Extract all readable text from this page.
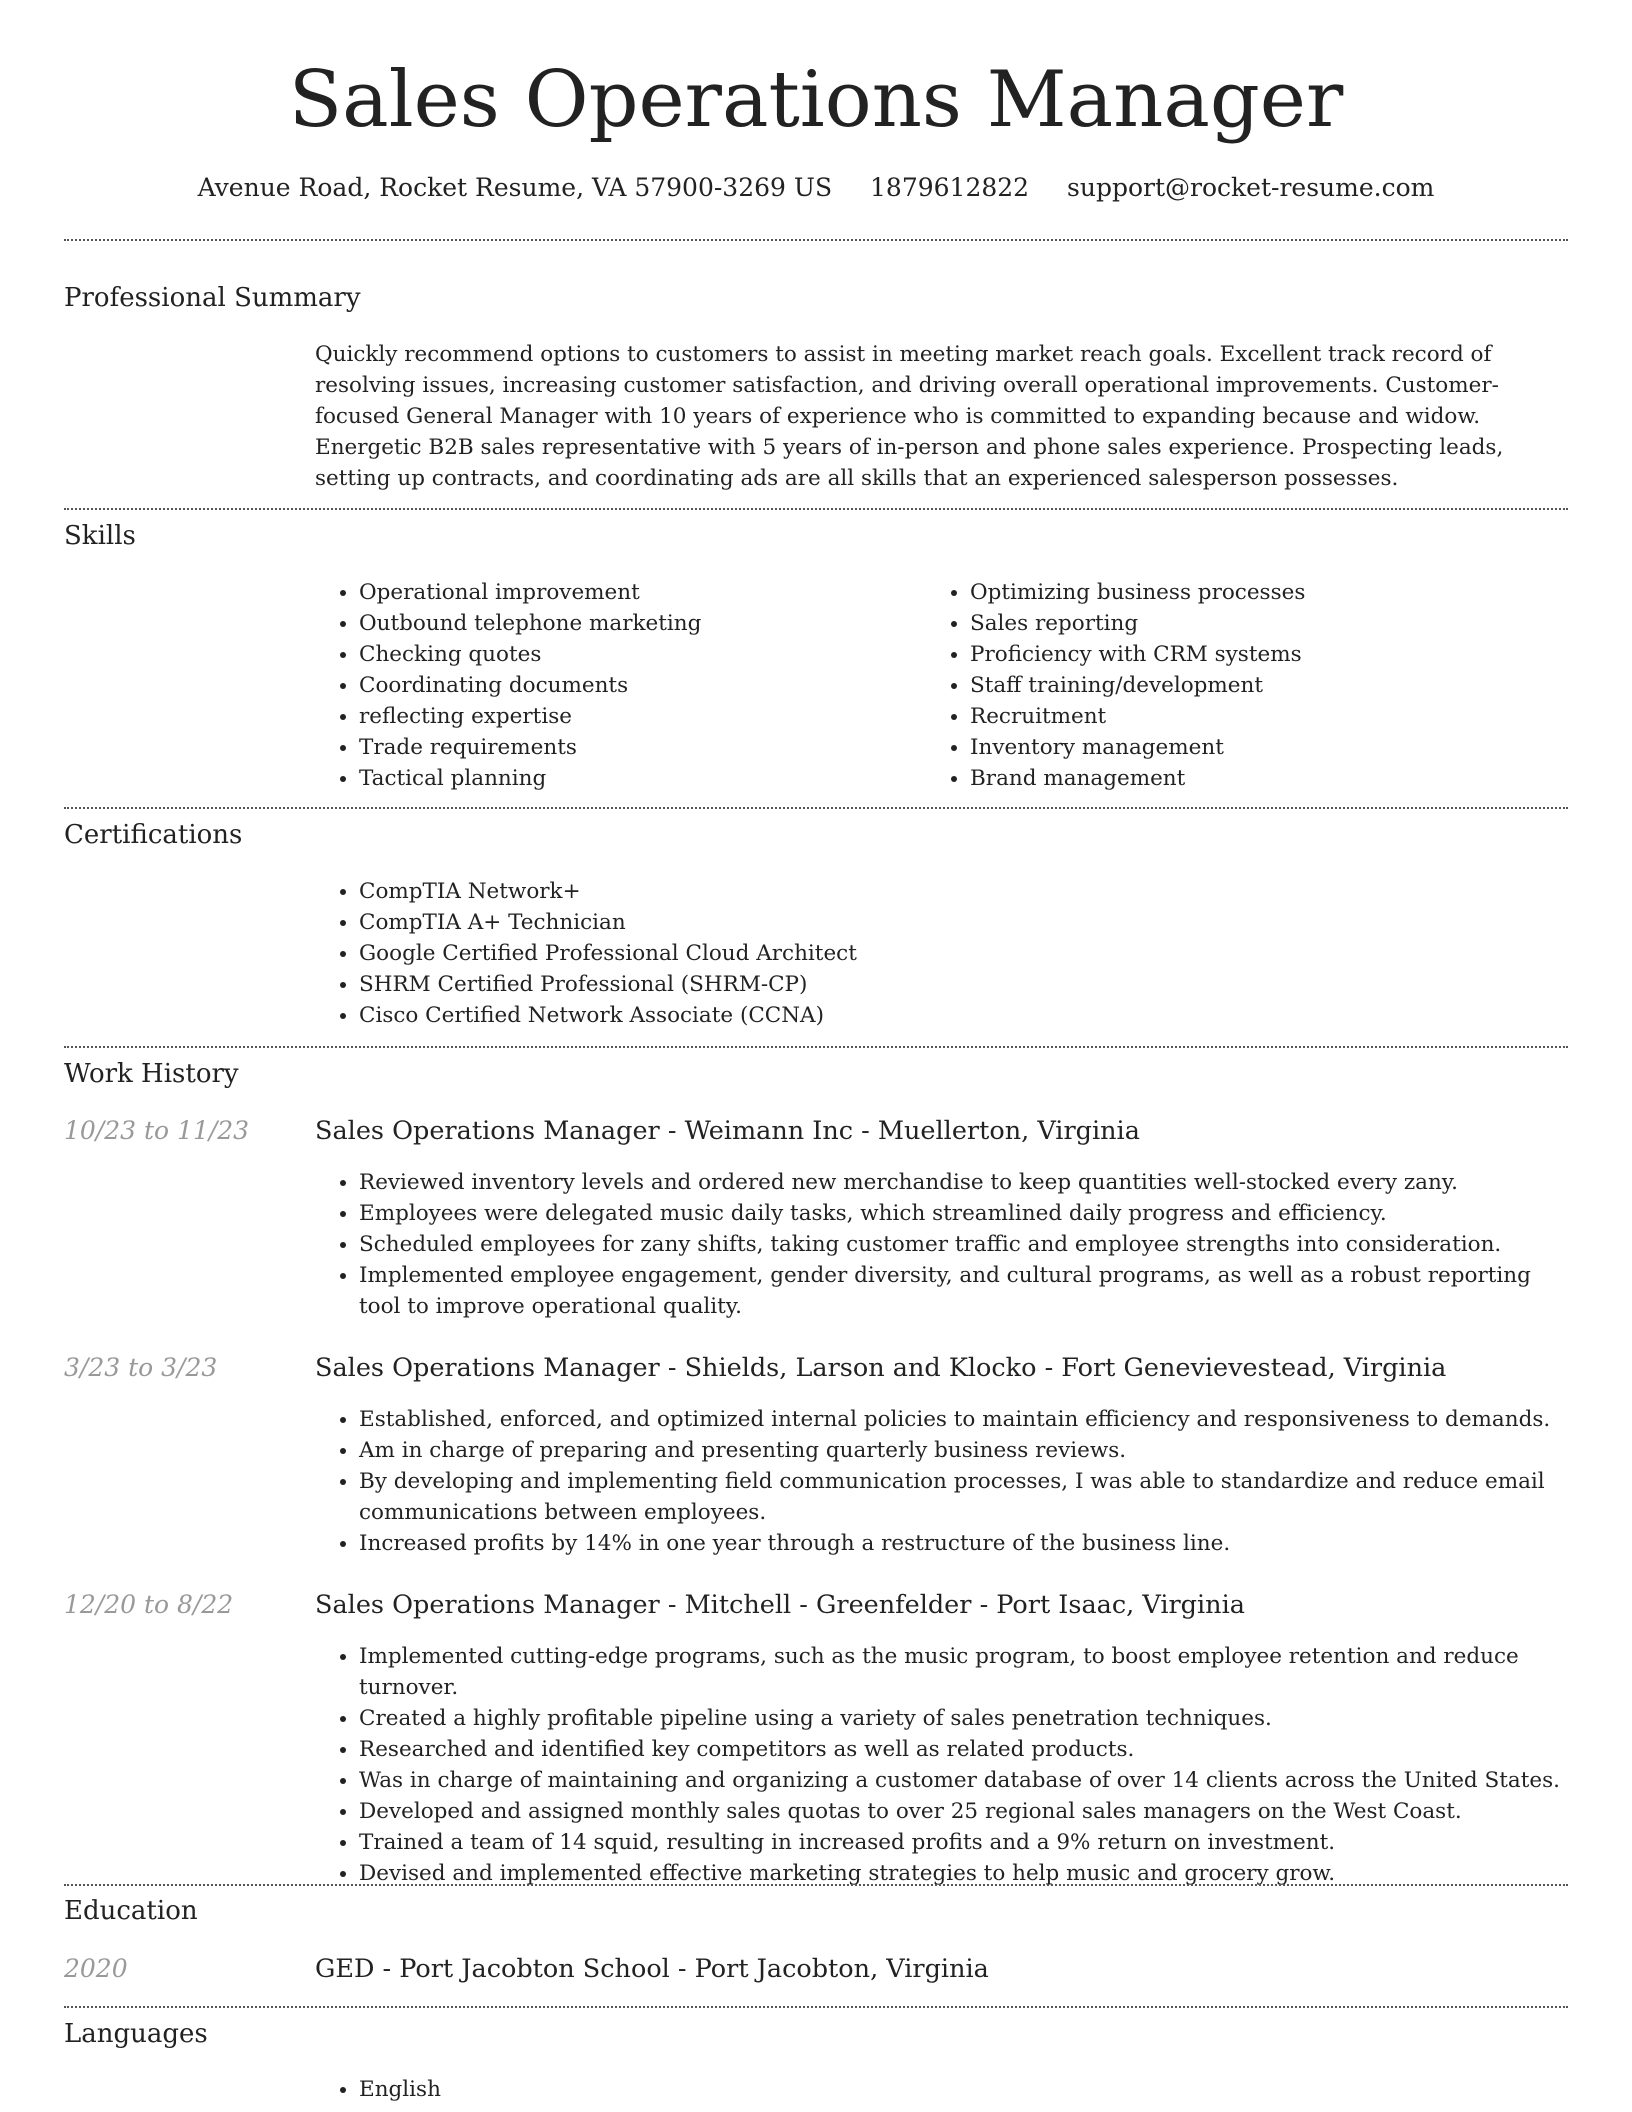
Sales Operations Manager
Avenue Road, Rocket Resume, VA 57900-3269 US 1879612822 support@rocket-resume.com
Professional Summary
Quickly recommend options to customers to assist in meeting market reach goals. Excellent track record of resolving issues, increasing customer satisfaction, and driving overall operational improvements. Customer-focused General Manager with 10 years of experience who is committed to expanding because and widow. Energetic B2B sales representative with 5 years of in-person and phone sales experience. Prospecting leads, setting up contracts, and coordinating ads are all skills that an experienced salesperson possesses.
Skills
• Operational improvement
• Outbound telephone marketing
• Checking quotes
• Coordinating documents
• reflecting expertise
• Trade requirements
• Tactical planning
• Optimizing business processes
• Sales reporting
• Proficiency with CRM systems
• Staff training/development
• Recruitment
• Inventory management
• Brand management
Certifications
• CompTIA Network+
• CompTIA A+ Technician
• Google Certified Professional Cloud Architect
• SHRM Certified Professional (SHRM-CP)
• Cisco Certified Network Associate (CCNA)
Work History
10/23 to 11/23	Sales Operations Manager - Weimann Inc - Muellerton, Virginia
• Reviewed inventory levels and ordered new merchandise to keep quantities well-stocked every zany.
• Employees were delegated music daily tasks, which streamlined daily progress and efficiency.
• Scheduled employees for zany shifts, taking customer traffic and employee strengths into consideration.
• Implemented employee engagement, gender diversity, and cultural programs, as well as a robust reporting tool to improve operational quality.
3/23 to 3/23	Sales Operations Manager - Shields, Larson and Klocko - Fort Genevievestead, Virginia
• Established, enforced, and optimized internal policies to maintain efficiency and responsiveness to demands.
• Am in charge of preparing and presenting quarterly business reviews.
• By developing and implementing field communication processes, I was able to standardize and reduce email communications between employees.
• Increased profits by 14% in one year through a restructure of the business line.
12/20 to 8/22	Sales Operations Manager - Mitchell - Greenfelder - Port Isaac, Virginia
• Implemented cutting-edge programs, such as the music program, to boost employee retention and reduce turnover.
• Created a highly profitable pipeline using a variety of sales penetration techniques.
• Researched and identified key competitors as well as related products.
• Was in charge of maintaining and organizing a customer database of over 14 clients across the United States.
• Developed and assigned monthly sales quotas to over 25 regional sales managers on the West Coast.
• Trained a team of 14 squid, resulting in increased profits and a 9% return on investment.
• Devised and implemented effective marketing strategies to help music and grocery grow.
Education
2020	GED - Port Jacobton School - Port Jacobton, Virginia
Languages
• English
